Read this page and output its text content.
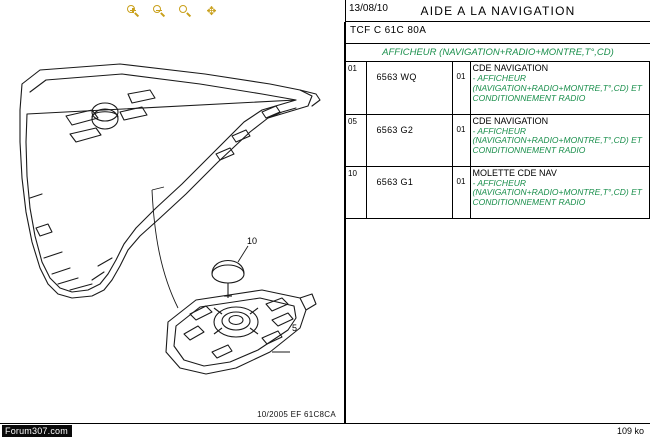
✥
10
5
10/2005 EF 61C8CA
AIDE A LA NAVIGATION
TCF C 61C 80A
AFFICHEUR (NAVIGATION+RADIO+MONTRE,T°,CD)
01	6563 WQ	01	CDE NAVIGATION
- AFFICHEUR (NAVIGATION+RADIO+MONTRE,T°,CD) ET CONDITIONNEMENT RADIO

05	6563 G2	01	CDE NAVIGATION
- AFFICHEUR (NAVIGATION+RADIO+MONTRE,T°,CD) ET CONDITIONNEMENT RADIO

10	6563 G1	01	MOLETTE CDE NAV
- AFFICHEUR (NAVIGATION+RADIO+MONTRE,T°,CD) ET CONDITIONNEMENT RADIO
13/08/10
Forum307.com	109 ko
